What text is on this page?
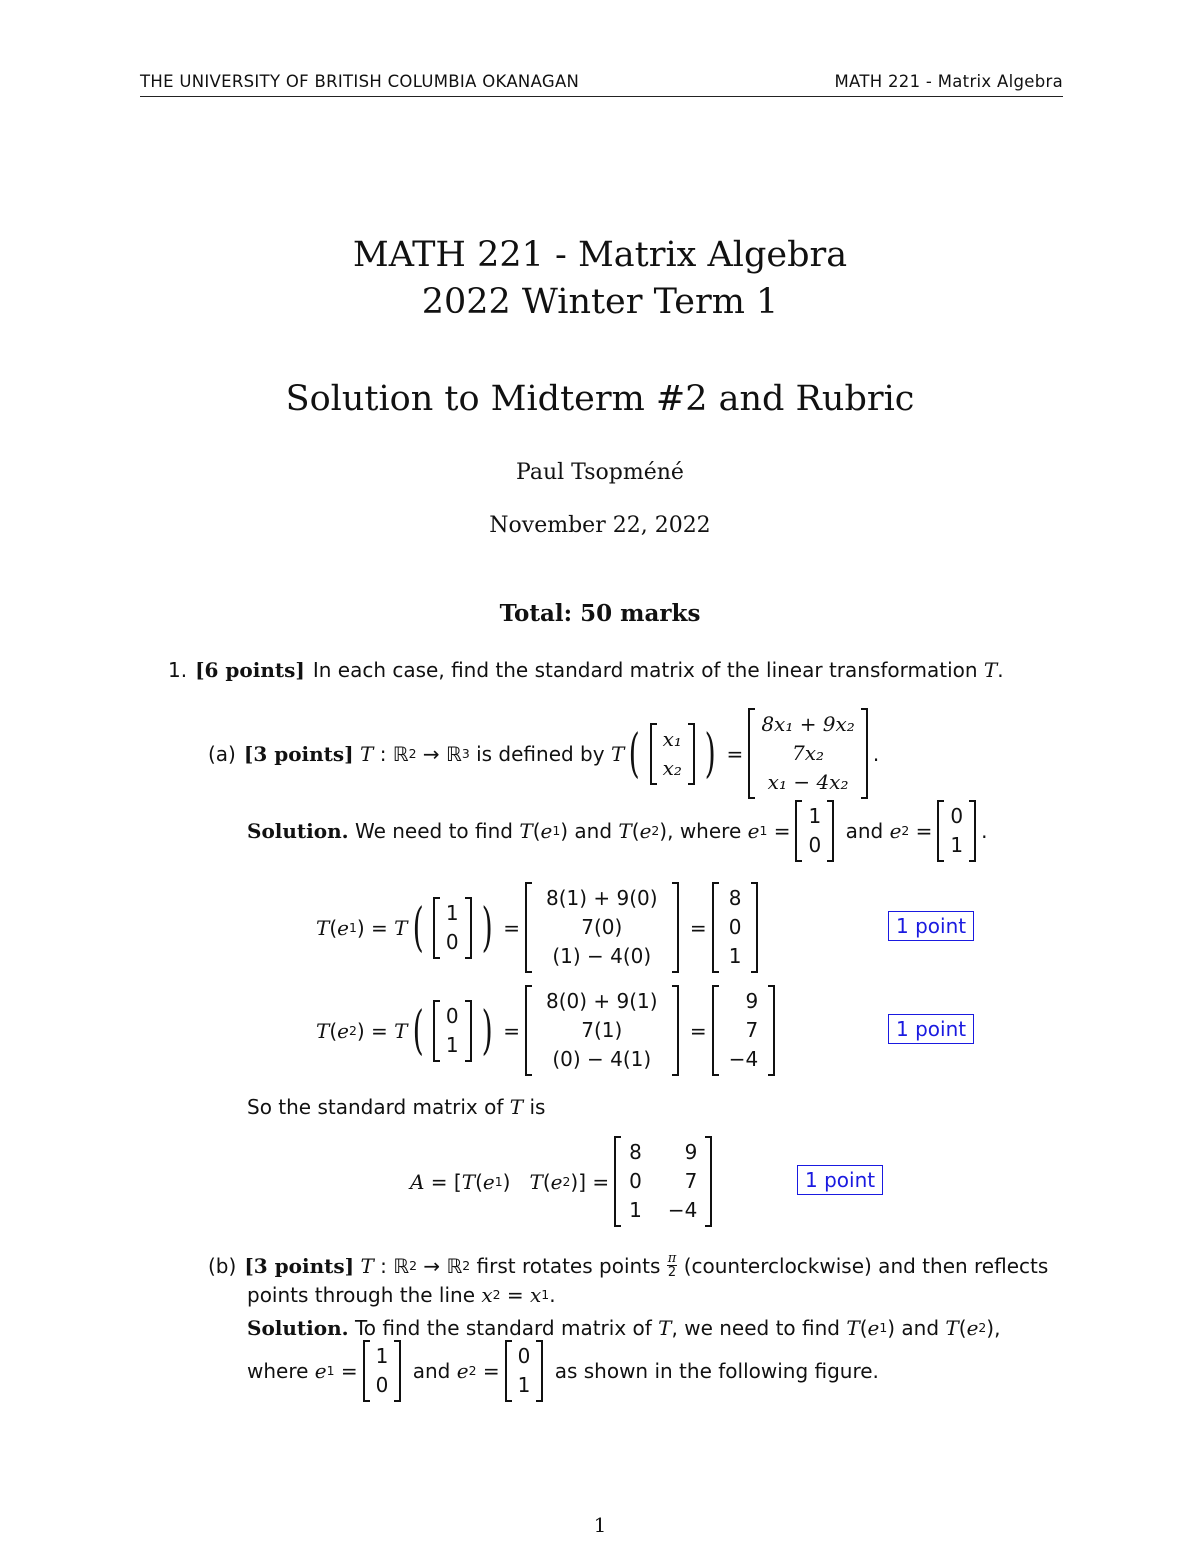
THE UNIVERSITY OF BRITISH COLUMBIA OKANAGAN	MATH 221 - Matrix Algebra
MATH 221 - Matrix Algebra
2022 Winter Term 1
Solution to Midterm #2 and Rubric
Paul Tsopméné
November 22, 2022
Total: 50 marks
1. [6 points] In each case, find the standard matrix of the linear transformation
T .
(a) [3 points]
T : ℝ 2 → ℝ 3
is defined by
T ( x₁
x₂ ) =
8x₁ + 9x₂
7x₂
x₁ − 4x₂
.
Solution.
We need to find
T ( e 1 ) and
T ( e 2 ) , where
e 1 =
1
0

and
e 2 =
0
1
.
T ( e 1 ) = T ( 1
0 ) =
8(1) + 9(0)
7(0)
(1) − 4(0)
=
8
0
1
1 point
T ( e 2 ) = T ( 0
1 ) =
8(0) + 9(1)
7(1)
(0) − 4(1)
=
9
7
−4
1 point
So the standard matrix of
T
is
A = [ T ( e 1 ) T ( e 2 )] =
8	9
0	7
1 −4
1 point
(b) [3 points]
T : ℝ 2 → ℝ 2
first rotates points
π
2
(counterclockwise) and then reflects
points through the line
x 2 = x 1 .
Solution.
To find the standard matrix of
T , we need to find
T ( e 1 ) and
T ( e 2 ),
where
e 1 =
1
0

and
e 2 =
0
1

as shown in the following figure.
1
